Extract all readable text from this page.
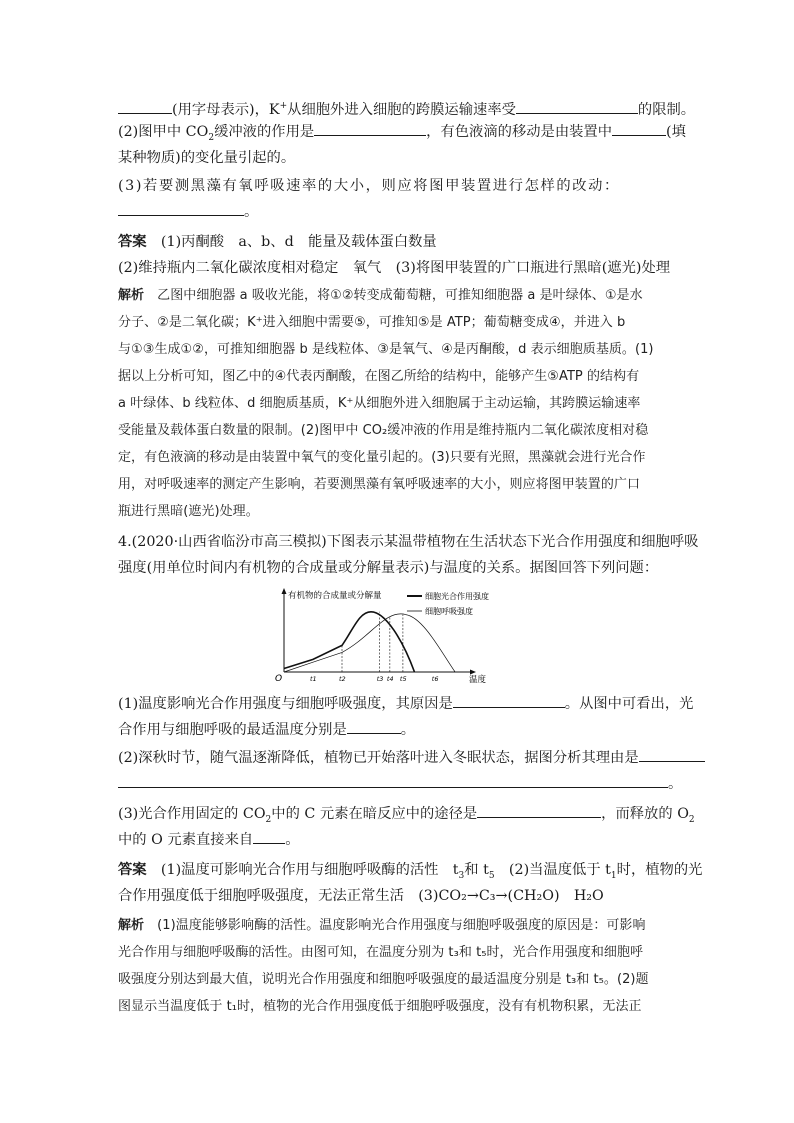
(用字母表示)，K+从细胞外进入细胞的跨膜运输速率受	的限制。
(2)图甲中 $CO_2$缓冲液的作用是	，有色液滴的移动是由装置中	(填
某种物质)的变化量引起的。
(3)若要测黑藻有氧呼吸速率的大小，则应将图甲装置进行怎样的改动：
。
答案　 (1)丙酮酸　a、b、d　能量及载体蛋白数量
(2)维持瓶内二氧化碳浓度相对稳定　氧气　(3)将图甲装置的广口瓶进行黑暗(遮光)处理
解析　 乙图中细胞器 a 吸收光能，将①②转变成葡萄糖，可推知细胞器 a 是叶绿体、①是水
分子、②是二氧化碳；K⁺进入细胞中需要⑤，可推知⑤是 ATP；葡萄糖变成④，并进入 b
与①③生成①②，可推知细胞器 b 是线粒体、③是氧气、④是丙酮酸，d 表示细胞质基质。(1)
据以上分析可知，图乙中的④代表丙酮酸，在图乙所给的结构中，能够产生⑤ATP 的结构有
a 叶绿体、b 线粒体、d 细胞质基质，K⁺从细胞外进入细胞属于主动运输，其跨膜运输速率
受能量及载体蛋白数量的限制。(2)图甲中 CO₂缓冲液的作用是维持瓶内二氧化碳浓度相对稳
定，有色液滴的移动是由装置中氧气的变化量引起的。(3)只要有光照，黑藻就会进行光合作
用，对呼吸速率的测定产生影响，若要测黑藻有氧呼吸速率的大小，则应将图甲装置的广口
瓶进行黑暗(遮光)处理。
4.(2020·山西省临汾市高三模拟)下图表示某温带植物在生活状态下光合作用强度和细胞呼吸
强度(用单位时间内有机物的合成量或分解量表示)与温度的关系。据图回答下列问题：
有机物的合成量或分解量
温度
O
细胞光合作用强度
细胞呼吸强度
t1	t2	t3 t4 t5	t6
(1)温度影响光合作用强度与细胞呼吸强度，其原因是	。从图中可看出，光
合作用与细胞呼吸的最适温度分别是	。
(2)深秋时节，随气温逐渐降低，植物已开始落叶进入冬眠状态，据图分析其理由是
。
(3)光合作用固定的 $CO_2$中的 C 元素在暗反应中的途径是	，而释放的 $O_2$
中的 O 元素直接来自 。
答案　 (1)温度可影响光合作用与细胞呼吸酶的活性　$t_3$和 $t_5$　 (2)当温度低于 $t_1$时，植物的光
合作用强度低于细胞呼吸强度，无法正常生活　(3)CO₂→C₃→(CH₂O)　H₂O
解析　 (1)温度能够影响酶的活性。温度影响光合作用强度与细胞呼吸强度的原因是：可影响
光合作用与细胞呼吸酶的活性。由图可知，在温度分别为 t₃和 t₅时，光合作用强度和细胞呼
吸强度分别达到最大值，说明光合作用强度和细胞呼吸强度的最适温度分别是 t₃和 t₅。(2)题
图显示当温度低于 t₁时，植物的光合作用强度低于细胞呼吸强度，没有有机物积累，无法正
